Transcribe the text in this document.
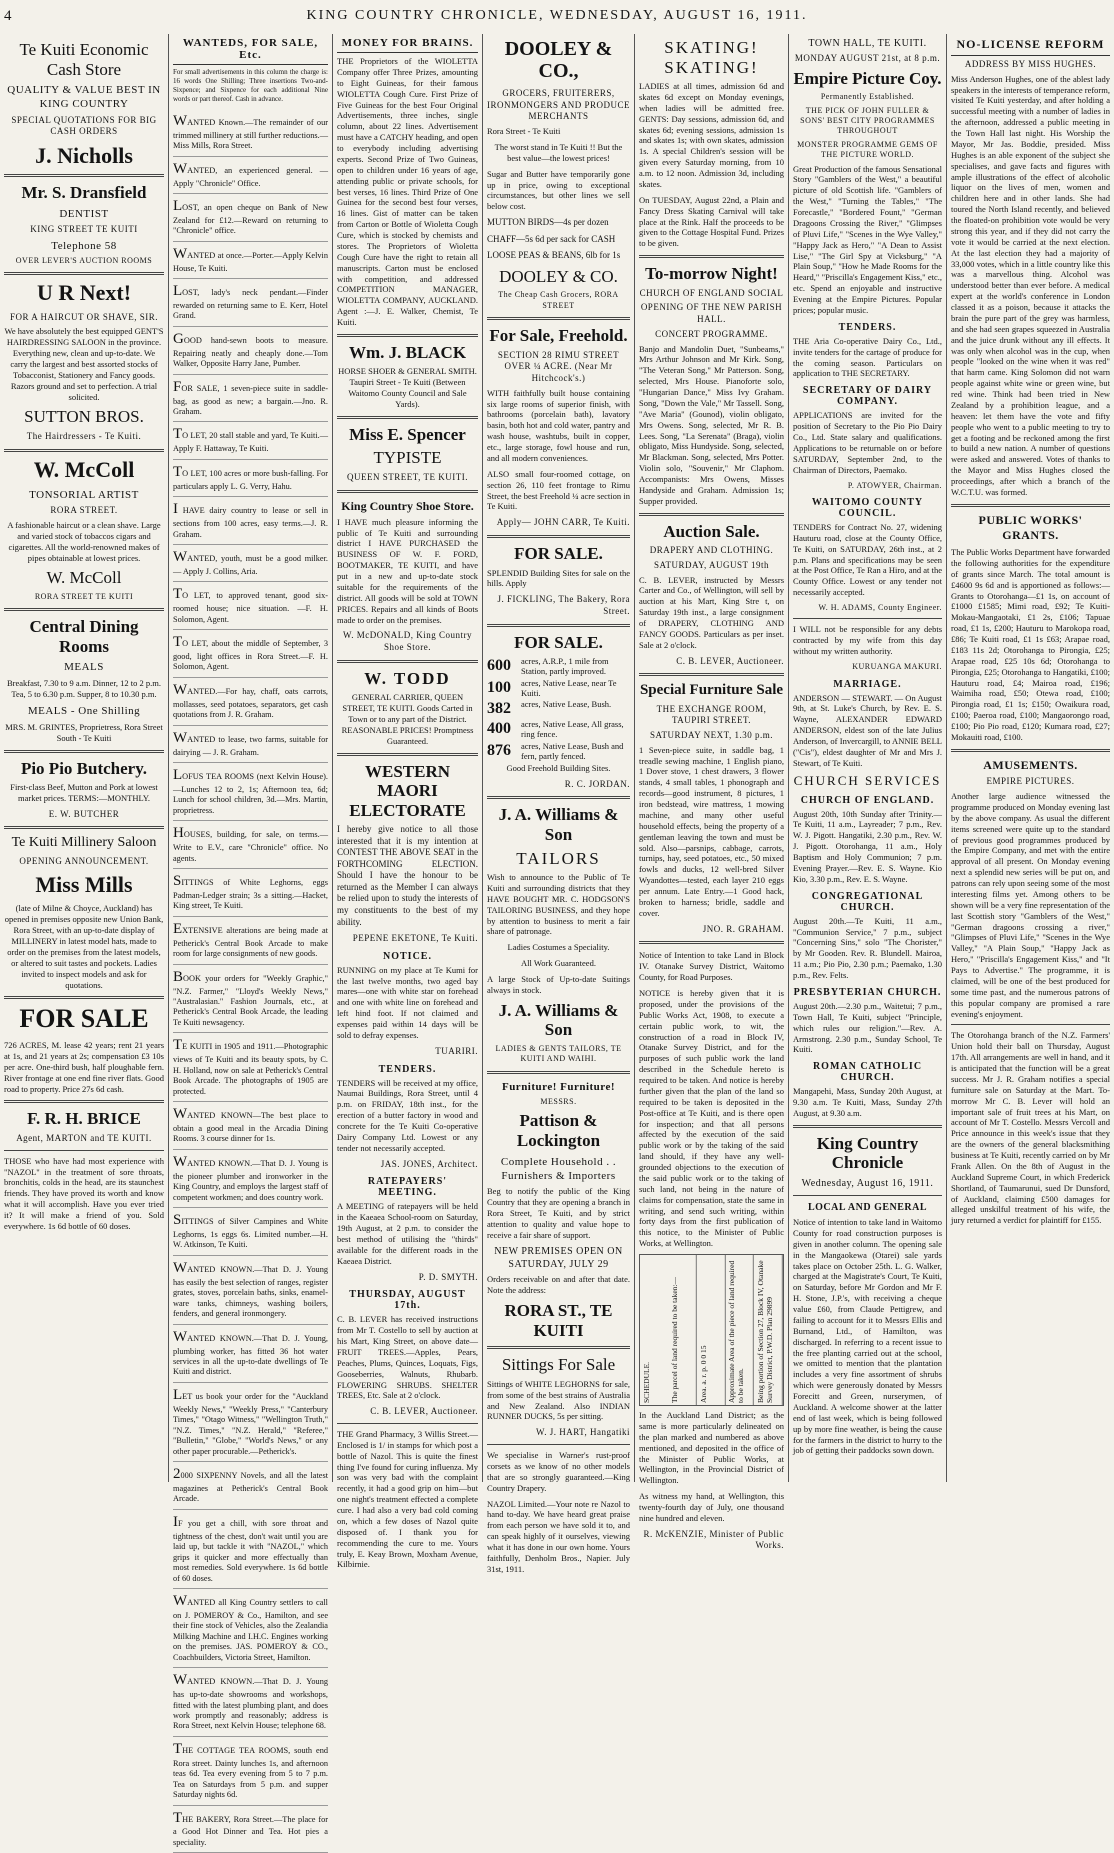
4	KING COUNTRY CHRONICLE, WEDNESDAY, AUGUST 16, 1911.
Te Kuiti Economic Cash Store
QUALITY & VALUE BEST IN KING COUNTRY
SPECIAL QUOTATIONS FOR BIG CASH ORDERS
J. Nicholls
Mr. S. Dransfield
DENTIST
KING STREET TE KUITI
Telephone 58
OVER LEVER'S AUCTION ROOMS
U R Next!
FOR A HAIRCUT OR SHAVE, SIR.
We have absolutely the best equipped GENT'S HAIRDRESSING SALOON in the province. Everything new, clean and up-to-date. We carry the largest and best assorted stocks of Tobacconist, Stationery and Fancy goods. Razors ground and set to perfection. A trial solicited.
SUTTON BROS.
The Hairdressers - Te Kuiti.
W. McColl
TONSORIAL ARTIST
RORA STREET.
A fashionable haircut or a clean shave. Large and varied stock of tobaccos cigars and cigarettes. All the world-renowned makes of pipes obtainable at lowest prices.
W. McColl
RORA STREET TE KUITI
Central Dining Rooms
MEALS
Breakfast, 7.30 to 9 a.m. Dinner, 12 to 2 p.m. Tea, 5 to 6.30 p.m. Supper, 8 to 10.30 p.m.
MEALS - One Shilling
MRS. M. GRINTES, Proprietress, Rora Street South - Te Kuiti
Pio Pio Butchery.
First-class Beef, Mutton and Pork at lowest market prices. TERMS:—MONTHLY.
E. W. BUTCHER
Te Kuiti Millinery Saloon
OPENING ANNOUNCEMENT.
Miss Mills
(late of Milne & Choyce, Auckland) has opened in premises opposite new Union Bank, Rora Street, with an up-to-date display of MILLINERY in latest model hats, made to order on the premises from the latest models, or altered to suit tastes and pockets. Ladies invited to inspect models and ask for quotations.
FOR SALE
726 ACRES, M. lease 42 years; rent 21 years at 1s, and 21 years at 2s; compensation £3 10s per acre. One-third bush, half ploughable fern. River frontage at one end fine river flats. Good road to property. Price 27s 6d cash.
F. R. H. BRICE
Agent, MARTON and TE KUITI.
THOSE who have had most experience with "NAZOL" in the treatment of sore throats, bronchitis, colds in the head, are its staunchest friends. They have proved its worth and know what it will accomplish. Have you ever tried it? It will make a friend of you. Sold everywhere. 1s 6d bottle of 60 doses.
WANTEDS, FOR SALE, Etc.
For small advertisements in this column the charge is: 16 words One Shilling; Three insertions Two-and-Sixpence; and Sixpence for each additional Nine words or part thereof. Cash in advance.

WANTED Known.—The remainder of our trimmed millinery at still further reductions.—Miss Mills, Rora Street.

WANTED, an experienced general. —Apply "Chronicle" Office.

LOST, an open cheque on Bank of New Zealand for £12.—Reward on returning to "Chronicle" office.

WANTED at once.—Porter.—Apply Kelvin House, Te Kuiti.

LOST, lady's neck pendant.—Finder rewarded on returning same to E. Kerr, Hotel Grand.

GOOD hand-sewn boots to measure. Repairing neatly and cheaply done.—Tom Walker, Opposite Harry Jane, Pumber.

FOR SALE, 1 seven-piece suite in saddle-bag, as good as new; a bargain.—Jno. R. Graham.

TO LET, 20 stall stable and yard, Te Kuiti.—Apply F. Hattaway, Te Kuiti.

TO LET, 100 acres or more bush-falling. For particulars apply L. G. Verry, Hahu.

I HAVE dairy country to lease or sell in sections from 100 acres, easy terms.—J. R. Graham.

WANTED, youth, must be a good milker. — Apply J. Collins, Aria.

TO LET, to approved tenant, good six-roomed house; nice situation. —F. H. Solomon, Agent.

TO LET, about the middle of September, 3 good, light offices in Rora Street.—F. H. Solomon, Agent.

WANTED.—For hay, chaff, oats carrots, mollasses, seed potatoes, separators, get cash quotations from J. R. Graham.

WANTED to lease, two farms, suitable for dairying — J. R. Graham.

LOFUS TEA ROOMS (next Kelvin House).—Lunches 12 to 2, 1s; Afternoon tea, 6d; Lunch for school children, 3d.—Mrs. Martin, proprietress.

HOUSES, building, for sale, on terms.—Write to E.V., care "Chronicle" office. No agents.

SITTINGS of White Leghorns, eggs Padman-Ledger strain; 3s a sitting.—Hacket, King street, Te Kuiti.

EXTENSIVE alterations are being made at Petherick's Central Book Arcade to make room for large consignments of new goods.

BOOK your orders for "Weekly Graphic," "N.Z. Farmer," "Lloyd's Weekly News," "Australasian." Fashion Journals, etc., at Petherick's Central Book Arcade, the leading Te Kuiti newsagency.

TE KUITI in 1905 and 1911.—Photographic views of Te Kuiti and its beauty spots, by C. H. Holland, now on sale at Petherick's Central Book Arcade. The photographs of 1905 are protected.

WANTED KNOWN—The best place to obtain a good meal in the Arcadia Dining Rooms. 3 course dinner for 1s.

WANTED KNOWN.—That D. J. Young is the pioneer plumber and ironworker in the King Country, and employs the largest staff of competent workmen; and does country work.

SITTINGS of Silver Campines and White Leghorns, 1s eggs 6s. Limited number.—H. W. Atkinson, Te Kuiti.

WANTED KNOWN.—That D. J. Young has easily the best selection of ranges, register grates, stoves, porcelain baths, sinks, enamel-ware tanks, chimneys, washing boilers, fenders, and general ironmongery.

WANTED KNOWN.—That D. J. Young, plumbing worker, has fitted 36 hot water services in all the up-to-date dwellings of Te Kuiti and district.

LET us book your order for the "Auckland Weekly News," "Weekly Press," "Canterbury Times," "Otago Witness," "Wellington Truth," "N.Z. Times," "N.Z. Herald," "Referee," "Bulletin," "Globe," "World's News," or any other paper procurable.—Petherick's.

2000 SIXPENNY Novels, and all the latest magazines at Petherick's Central Book Arcade.

IF you get a chill, with sore throat and tightness of the chest, don't wait until you are laid up, but tackle it with "NAZOL," which grips it quicker and more effectually than most remedies. Sold everywhere. 1s 6d bottle of 60 doses.

WANTED all King Country settlers to call on J. POMEROY & Co., Hamilton, and see their fine stock of Vehicles, also the Zealandia Milking Machine and I.H.C. Engines working on the premises. JAS. POMEROY & CO., Coachbuilders, Victoria Street, Hamilton.

WANTED KNOWN.—That D. J. Young has up-to-date showrooms and workshops, fitted with the latest plumbing plant, and does work promptly and reasonably; address is Rora Street, next Kelvin House; telephone 68.

THE COTTAGE TEA ROOMS, south end Rora street. Dainty lunches 1s, and afternoon teas 6d. Tea every evening from 5 to 7 p.m. Tea on Saturdays from 5 p.m. and supper Saturday nights 6d.

THE BAKERY, Rora Street.—The place for a Good Hot Dinner and Tea. Hot pies a speciality.

MONEY FOR BRAINS.
THE Proprietors of the WIOLETTA Company offer Three Prizes, amounting to Eight Guineas, for their famous WIOLETTA Cough Cure. First Prize of Five Guineas for the best Four Original Advertisements, three inches, single column, about 22 lines. Advertisement must have a CATCHY heading, and open to everybody including advertising experts. Second Prize of Two Guineas, open to children under 16 years of age, attending public or private schools, for best verses, 16 lines. Third Prize of One Guinea for the second best four verses, 16 lines. Gist of matter can be taken from Carton or Bottle of Wioletta Cough Cure, which is stocked by chemists and stores. The Proprietors of Wioletta Cough Cure have the right to retain all manuscripts. Carton must be enclosed with competition, and addressed COMPETITION MANAGER, WIOLETTA COMPANY, AUCKLAND. Agent :—J. E. Walker, Chemist, Te Kuiti.
Wm. J. BLACK
HORSE SHOER & GENERAL SMITH. Taupiri Street - Te Kuiti (Between Waitomo County Council and Sale Yards).
Miss E. Spencer
TYPISTE
QUEEN STREET, TE KUITI.
King Country Shoe Store.
I HAVE much pleasure informing the public of Te Kuiti and surrounding district I HAVE PURCHASED the BUSINESS OF W. F. FORD, BOOTMAKER, TE KUITI, and have put in a new and up-to-date stock suitable for the requirements of the district. All goods will be sold at TOWN PRICES. Repairs and all kinds of Boots made to order on the premises.
W. McDONALD, King Country Shoe Store.
W. TODD
GENERAL CARRIER, QUEEN STREET, TE KUITI. Goods Carted in Town or to any part of the District. REASONABLE PRICES! Promptness Guaranteed.
WESTERN MAORI ELECTORATE
I hereby give notice to all those interested that it is my intention at CONTEST THE ABOVE SEAT in the FORTHCOMING ELECTION. Should I have the honour to be returned as the Member I can always be relied upon to study the interests of my constituents to the best of my ability.
PEPENE EKETONE, Te Kuiti.
NOTICE.
RUNNING on my place at Te Kumi for the last twelve months, two aged bay mares—one with white star on forehead and one with white line on forehead and left hind foot. If not claimed and expenses paid within 14 days will be sold to defray expenses.
TUARIRI.
TENDERS.
TENDERS will be received at my office, Naumai Buildings, Rora Street, until 4 p.m. on FRIDAY, 18th inst., for the erection of a butter factory in wood and concrete for the Te Kuiti Co-operative Dairy Company Ltd. Lowest or any tender not necessarily accepted.
JAS. JONES, Architect.
RATEPAYERS' MEETING.
A MEETING of ratepayers will be held in the Kaeaea School-room on Saturday, 19th August, at 2 p.m. to consider the best method of utilising the "thirds" available for the different roads in the Kaeaea District.
P. D. SMYTH.
THURSDAY, AUGUST 17th.
C. B. LEVER has received instructions from Mr T. Costello to sell by auction at his Mart, King Street, on above date— FRUIT TREES.—Apples, Pears, Peaches, Plums, Quinces, Loquats, Figs, Gooseberries, Walnuts, Rhubarb. FLOWERING SHRUBS. SHELTER TREES, Etc. Sale at 2 o'clock.
C. B. LEVER, Auctioneer.
THE Grand Pharmacy, 3 Willis Street.—Enclosed is 1/ in stamps for which post a bottle of Nazol. This is quite the finest thing I've found for curing influenza. My son was very bad with the complaint recently, it had a good grip on him—but one night's treatment effected a complete cure. I had also a very bad cold coming on, which a few doses of Nazol quite disposed of. I thank you for recommending the cure to me. Yours truly, E. Keay Brown, Moxham Avenue, Kilbirnie.
DOOLEY & CO.,
GROCERS, FRUITERERS, IRONMONGERS AND PRODUCE MERCHANTS
Rora Street - Te Kuiti
The worst stand in Te Kuiti !! But the best value—the lowest prices!
Sugar and Butter have temporarily gone up in price, owing to exceptional circumstances, but other lines we sell below cost.
MUTTON BIRDS—4s per dozen
CHAFF—5s 6d per sack for CASH
LOOSE PEAS & BEANS, 6lb for 1s
DOOLEY & CO.
The Cheap Cash Grocers, RORA STREET
For Sale, Freehold.
SECTION 28 RIMU STREET OVER ¼ ACRE. (Near Mr Hitchcock's.)
WITH faithfully built house containing six large rooms of superior finish, with bathrooms (porcelain bath), lavatory basin, both hot and cold water, pantry and wash house, washtubs, built in copper, etc., large storage, fowl house and run, and all modern conveniences.
ALSO small four-roomed cottage, on section 26, 110 feet frontage to Rimu Street, the best Freehold ¼ acre section in Te Kuiti.
Apply— JOHN CARR, Te Kuiti.
FOR SALE.
SPLENDID Building Sites for sale on the hills. Apply
J. FICKLING, The Bakery, Rora Street.
FOR SALE.
600	acres, A.R.P., 1 mile from Station, partly improved.
100	acres, Native Lease, near Te Kuiti.
382	acres, Native Lease, Bush.
400	acres, Native Lease, All grass, ring fence.
876	acres, Native Lease, Bush and fern, partly fenced.
Good Freehold Building Sites.
R. C. JORDAN.
J. A. Williams & Son
TAILORS
Wish to announce to the Public of Te Kuiti and surrounding districts that they HAVE BOUGHT MR. C. HODGSON'S TAILORING BUSINESS, and they hope by attention to business to merit a fair share of patronage.
Ladies Costumes a Speciality.
All Work Guaranteed.
A large Stock of Up-to-date Suitings always in stock.
J. A. Williams & Son
LADIES & GENTS TAILORS, TE KUITI AND WAIHI.
Furniture! Furniture!
MESSRS.
Pattison & Lockington
Complete Household . . Furnishers & Importers
Beg to notify the public of the King Country that they are opening a branch in Rora Street, Te Kuiti, and by strict attention to quality and value hope to receive a fair share of support.
NEW PREMISES OPEN ON SATURDAY, JULY 29
Orders receivable on and after that date. Note the address:
RORA ST., TE KUITI
Sittings For Sale
Sittings of WHITE LEGHORNS for sale, from some of the best strains of Australia and New Zealand. Also INDIAN RUNNER DUCKS, 5s per sitting.
W. J. HART, Hangatiki
We specialise in Warner's rust-proof corsets as we know of no other models that are so strongly guaranteed.—King Country Drapery.
NAZOL Limited.—Your note re Nazol to hand to-day. We have heard great praise from each person we have sold it to, and can speak highly of it ourselves, viewing what it has done in our own home. Yours faithfully, Denholm Bros., Napier. July 31st, 1911.
SKATING! SKATING!
LADIES at all times, admission 6d and skates 6d except on Monday evenings, when ladies will be admitted free. GENTS: Day sessions, admission 6d, and skates 6d; evening sessions, admission 1s and skates 1s; with own skates, admission 1s. A special Children's session will be given every Saturday morning, from 10 a.m. to 12 noon. Admission 3d, including skates.
On TUESDAY, August 22nd, a Plain and Fancy Dress Skating Carnival will take place at the Rink. Half the proceeds to be given to the Cottage Hospital Fund. Prizes to be given.
To-morrow Night!
CHURCH OF ENGLAND SOCIAL
OPENING OF THE NEW PARISH HALL.
CONCERT PROGRAMME.
Banjo and Mandolin Duet, "Sunbeams," Mrs Arthur Johnson and Mr Kirk. Song, "The Veteran Song," Mr Patterson. Song, selected, Mrs House. Pianoforte solo, "Hungarian Dance," Miss Ivy Graham. Song, "Down the Vale," Mr Tassell. Song, "Ave Maria" (Gounod), violin obligato, Mrs Owens. Song, selected, Mr R. B. Lees. Song, "La Serenata" (Braga), violin obligato, Miss Hundyside. Song, selected, Mr Blackman. Song, selected, Mrs Potter. Violin solo, "Souvenir," Mr Claphom. Accompanists: Mrs Owens, Misses Handyside and Graham. Admission 1s; Supper provided.
Auction Sale.
DRAPERY AND CLOTHING.
SATURDAY, AUGUST 19th
C. B. LEVER, instructed by Messrs Carter and Co., of Wellington, will sell by auction at his Mart, King Stre t, on Saturday 19th inst., a large consignment of DRAPERY, CLOTHING AND FANCY GOODS. Particulars as per inset. Sale at 2 o'clock.
C. B. LEVER, Auctioneer.
Special Furniture Sale
THE EXCHANGE ROOM, TAUPIRI STREET.
SATURDAY NEXT, 1.30 p.m.
1 Seven-piece suite, in saddle bag, 1 treadle sewing machine, 1 English piano, 1 Dover stove, 1 chest drawers, 3 flower stands, 4 small tables, 1 phonograph and records—good instrument, 8 pictures, 1 iron bedstead, wire mattress, 1 mowing machine, and many other useful household effects, being the property of a gentleman leaving the town and must be sold. Also—parsnips, cabbage, carrots, turnips, hay, seed potatoes, etc., 50 mixed fowls and ducks, 12 well-bred Silver Wyandottes—tested, each layer 210 eggs per annum. Late Entry.—1 Good hack, broken to harness; bridle, saddle and cover.
JNO. R. GRAHAM.
Notice of Intention to take Land in Block IV. Otanake Survey District, Waitomo County, for Road Purposes.
NOTICE is hereby given that it is proposed, under the provisions of the Public Works Act, 1908, to execute a certain public work, to wit, the construction of a road in Block IV, Otanake Survey District, and for the purposes of such public work the land described in the Schedule hereto is required to be taken. And notice is hereby further given that the plan of the land so required to be taken is deposited in the Post-office at Te Kuiti, and is there open for inspection; and that all persons affected by the execution of the said public work or by the taking of the said land should, if they have any well-grounded objections to the execution of the said public work or to the taking of such land, not being in the nature of claims for compensation, state the same in writing, and send such writing, within forty days from the first publication of this notice, to the Minister of Public Works, at Wellington.
SCHEDULE.	The parcel of land required to be taken:—	Area. a. r. p. 0 0 15	Approximate Area of the piece of land required to be taken.	Being portion of Section 27, Block IV, Otanake Survey District, P.W.D. Plan 29899
In the Auckland Land District; as the same is more particularly delineated on the plan marked and numbered as above mentioned, and deposited in the office of the Minister of Public Works, at Wellington, in the Provincial District of Wellington.
As witness my hand, at Wellington, this twenty-fourth day of July, one thousand nine hundred and eleven.
R. McKENZIE, Minister of Public Works.
TOWN HALL, TE KUITI.
MONDAY AUGUST 21st, at 8 p.m.
Empire Picture Coy.
Permanently Established.
THE PICK OF JOHN FULLER & SONS' BEST CITY PROGRAMMES THROUGHOUT
MONSTER PROGRAMME GEMS OF THE PICTURE WORLD.
Great Production of the famous Sensational Story "Gamblers of the West," a beautiful picture of old Scottish life. "Gamblers of the West," "Turning the Tables," "The Forecastle," "Bordered Fount," "German Dragoons Crossing the River," "Glimpses of Pluvi Life," "Scenes in the Wye Valley," "Happy Jack as Hero," "A Dean to Assist Lise," "The Girl Spy at Vicksburg," "A Plain Soup," "How he Made Rooms for the Heard," "Priscilla's Engagement Kiss," etc., etc. Spend an enjoyable and instructive Evening at the Empire Pictures. Popular prices; popular music.
TENDERS.
THE Aria Co-operative Dairy Co., Ltd., invite tenders for the cartage of produce for the coming season. Particulars on application to THE SECRETARY.
SECRETARY OF DAIRY COMPANY.
APPLICATIONS are invited for the position of Secretary to the Pio Pio Dairy Co., Ltd. State salary and qualifications. Applications to be returnable on or before SATURDAY, September 2nd, to the Chairman of Directors, Paemako.
P. ATOWYER, Chairman.
WAITOMO COUNTY COUNCIL.
TENDERS for Contract No. 27, widening Hauturu road, close at the County Office, Te Kuiti, on SATURDAY, 26th inst., at 2 p.m. Plans and specifications may be seen at the Post Office, Te Ran a Hiro, and at the County Office. Lowest or any tender not necessarily accepted.
W. H. ADAMS, County Engineer.
I WILL not be responsible for any debts contracted by my wife from this day without my written authority.
KURUANGA MAKURI.
MARRIAGE.
ANDERSON — STEWART. — On August 9th, at St. Luke's Church, by Rev. E. S. Wayne, ALEXANDER EDWARD ANDERSON, eldest son of the late Julius Anderson, of Invercargill, to ANNIE BELL ("Cis"), eldest daughter of Mr and Mrs J. Stewart, of Te Kuiti.
CHURCH SERVICES
CHURCH OF ENGLAND.
August 20th, 10th Sunday after Trinity.—Te Kuiti, 11 a.m., Layreader; 7 p.m., Rev. W. J. Pigott. Hangatiki, 2.30 p.m., Rev. W. J. Pigott. Otorohanga, 11 a.m., Holy Baptism and Holy Communion; 7 p.m. Evening Prayer.—Rev. E. S. Wayne. Kio Kio, 3.30 p.m., Rev. E. S. Wayne.
CONGREGATIONAL CHURCH.
August 20th.—Te Kuiti, 11 a.m., "Communion Service," 7 p.m., subject "Concerning Sins," solo "The Chorister," by Mr Gooden. Rev. R. Blundell. Mairoa, 11 a.m.; Pio Pio, 2.30 p.m.; Paemako, 1.30 p.m., Rev. Felts.
PRESBYTERIAN CHURCH.
August 20th.—2.30 p.m., Waitetui; 7 p.m., Town Hall, Te Kuiti, subject "Principle, which rules our religion."—Rev. A. Armstrong. 2.30 p.m., Sunday School, Te Kuiti.
ROMAN CATHOLIC CHURCH.
Mangapehi, Mass, Sunday 20th August, at 9.30 a.m. Te Kuiti, Mass, Sunday 27th August, at 9.30 a.m.
King Country Chronicle
Wednesday, August 16, 1911.
LOCAL AND GENERAL
Notice of intention to take land in Waitomo County for road construction purposes is given in another column. The opening sale in the Mangaokewa (Otarei) sale yards takes place on October 25th. L. G. Walker, charged at the Magistrate's Court, Te Kuiti, on Saturday, before Mr Gordon and Mr F. H. Stone, J.P.'s, with receiving a cheque value £60, from Claude Pettigrew, and failing to account for it to Messrs Ellis and Burnand, Ltd., of Hamilton, was discharged. In referring to a recent issue to the free planting carried out at the school, we omitted to mention that the plantation includes a very fine assortment of shrubs which were generously donated by Messrs Forecitt and Green, nurserymen, of Auckland. A welcome shower at the latter end of last week, which is being followed up by more fine weather, is being the cause for the farmers in the district to hurry to the job of getting their paddocks sown down.
NO-LICENSE REFORM
ADDRESS BY MISS HUGHES.
Miss Anderson Hughes, one of the ablest lady speakers in the interests of temperance reform, visited Te Kuiti yesterday, and after holding a successful meeting with a number of ladies in the afternoon, addressed a public meeting in the Town Hall last night. His Worship the Mayor, Mr Jas. Boddie, presided. Miss Hughes is an able exponent of the subject she specialises, and gave facts and figures with ample illustrations of the effect of alcoholic liquor on the lives of men, women and children here and in other lands. She had toured the North Island recently, and believed the floated-on prohibition vote would be very strong this year, and if they did not carry the vote it would be carried at the next election. At the last election they had a majority of 33,000 votes, which in a little country like this was a marvellous thing. Alcohol was understood better than ever before. A medical expert at the world's conference in London classed it as a poison, because it attacks the brain the pure part of the grey was harmless, and she had seen grapes squeezed in Australia and the juice drunk without any ill effects. It was only when alcohol was in the cup, when people "looked on the wine when it was red" that harm came. King Solomon did not warn people against white wine or green wine, but red wine. Think had been tried in New Zealand by a prohibition league, and a heaven: let them have the vote and fifty people who went to a public meeting to try to get a footing and be reckoned among the first to build a new nation. A number of questions were asked and answered. Votes of thanks to the Mayor and Miss Hughes closed the proceedings, after which a branch of the W.C.T.U. was formed.
PUBLIC WORKS' GRANTS.
The Public Works Department have forwarded the following authorities for the expenditure of grants since March. The total amount is £4600 9s 6d and is apportioned as follows:—Grants to Otorohanga—£1 1s, on account of £1000 £1585; Mimi road, £92; Te Kuiti-Mokau-Mangaotaki, £1 2s, £106; Tapuae road, £1 1s, £200; Hauturu to Marokopa road, £86; Te Kuiti road, £1 1s £63; Arapae road, £183 11s 2d; Otorohanga to Pirongia, £25; Arapae road, £25 10s 6d; Otorohanga to Pirongia, £25; Otorohanga to Hangatiki, £100; Hauturu road, £4; Mairoa road, £196; Waimiha road, £50; Otewa road, £100; Pirongia road, £1 1s; £150; Owaikura road, £100; Paeroa road, £100; Mangaorongo road, £100; Pio Pio road, £120; Kumara road, £27; Mokauiti road, £100.
AMUSEMENTS.
EMPIRE PICTURES.
Another large audience witnessed the programme produced on Monday evening last by the above company. As usual the different items screened were quite up to the standard of previous good programmes produced by the Empire Company, and met with the entire approval of all present. On Monday evening next a splendid new series will be put on, and patrons can rely upon seeing some of the most interesting films yet. Among others to be shown will be a very fine representation of the last Scottish story "Gamblers of the West," "German dragoons crossing a river," "Glimpses of Pluvi Life," "Scenes in the Wye Valley," "A Plain Soup," "Happy Jack as Hero," "Priscilla's Engagement Kiss," and "It Pays to Advertise." The programme, it is claimed, will be one of the best produced for some time past, and the numerous patrons of this popular company are promised a rare evening's enjoyment.
The Otorohanga branch of the N.Z. Farmers' Union hold their ball on Thursday, August 17th. All arrangements are well in hand, and it is anticipated that the function will be a great success. Mr J. R. Graham notifies a special furniture sale on Saturday at the Mart. To-morrow Mr C. B. Lever will hold an important sale of fruit trees at his Mart, on account of Mr T. Costello. Messrs Vercoll and Price announce in this week's issue that they are the owners of the general blacksmithing business at Te Kuiti, recently carried on by Mr Frank Allen. On the 8th of August in the Auckland Supreme Court, in which Frederick Shortland, of Taumarunui, sued Dr Dunsford, of Auckland, claiming £500 damages for alleged unskilful treatment of his wife, the jury returned a verdict for plaintiff for £155.
